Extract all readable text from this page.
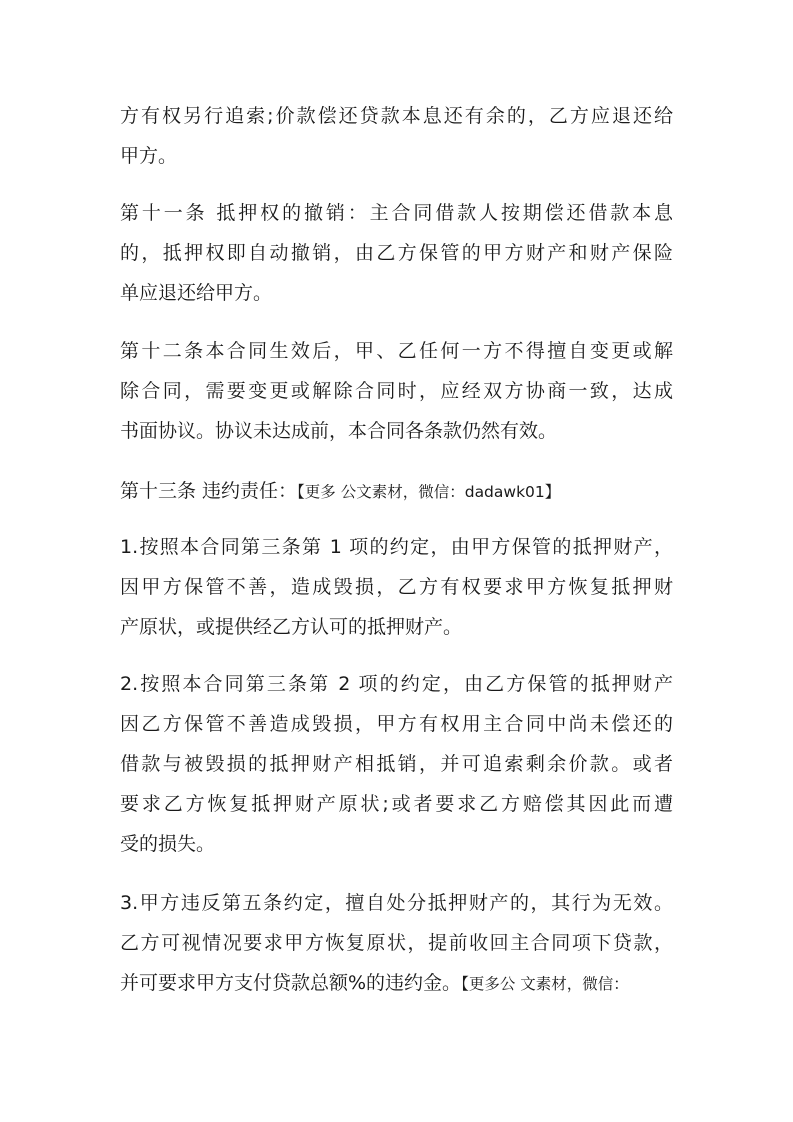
方有权另行追索;价款偿还贷款本息还有余的，乙方应退还给
甲方。
第十一条 抵押权的撤销：主合同借款人按期偿还借款本息
的，抵押权即自动撤销，由乙方保管的甲方财产和财产保险
单应退还给甲方。
第十二条本合同生效后，甲、乙任何一方不得擅自变更或解
除合同，需要变更或解除合同时，应经双方协商一致，达成
书面协议。协议未达成前，本合同各条款仍然有效。
第十三条 违约责任：【更多 公文素材，微信：dadawk01】
1.按照本合同第三条第 1 项的约定，由甲方保管的抵押财产，
因甲方保管不善，造成毁损，乙方有权要求甲方恢复抵押财
产原状，或提供经乙方认可的抵押财产。
2.按照本合同第三条第 2 项的约定，由乙方保管的抵押财产
因乙方保管不善造成毁损，甲方有权用主合同中尚未偿还的
借款与被毁损的抵押财产相抵销，并可追索剩余价款。或者
要求乙方恢复抵押财产原状;或者要求乙方赔偿其因此而遭
受的损失。
3.甲方违反第五条约定，擅自处分抵押财产的，其行为无效。
乙方可视情况要求甲方恢复原状，提前收回主合同项下贷款，
并可要求甲方支付贷款总额%的违约金。【更多公 文素材，微信：
